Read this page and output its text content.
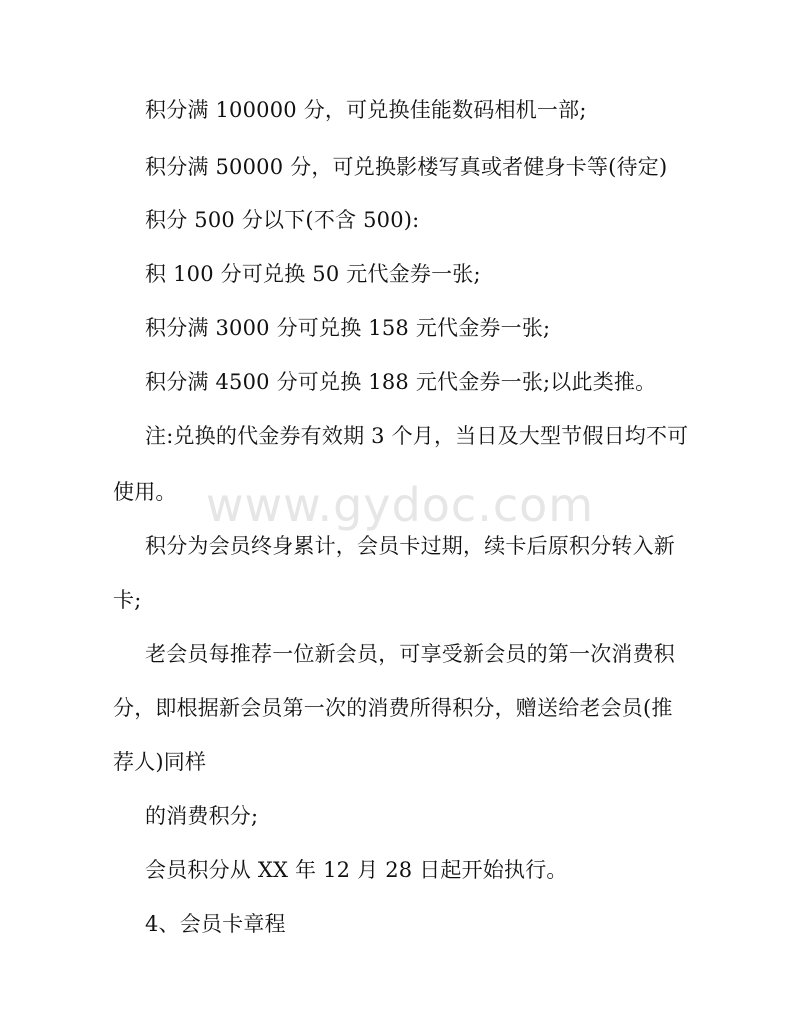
积分满 100000 分，可兑换佳能数码相机一部;
积分满 50000 分，可兑换影楼写真或者健身卡等(待定)
积分 500 分以下(不含 500):
积 100 分可兑换 50 元代金券一张;
积分满 3000 分可兑换 158 元代金券一张;
积分满 4500 分可兑换 188 元代金券一张;以此类推。
注:兑换的代金券有效期 3 个月，当日及大型节假日均不可
使用。
积分为会员终身累计，会员卡过期，续卡后原积分转入新
卡;
老会员每推荐一位新会员，可享受新会员的第一次消费积
分，即根据新会员第一次的消费所得积分，赠送给老会员(推
荐人)同样
的消费积分;
会员积分从 XX 年 12 月 28 日起开始执行。
4、会员卡章程
www.gydoc.com
